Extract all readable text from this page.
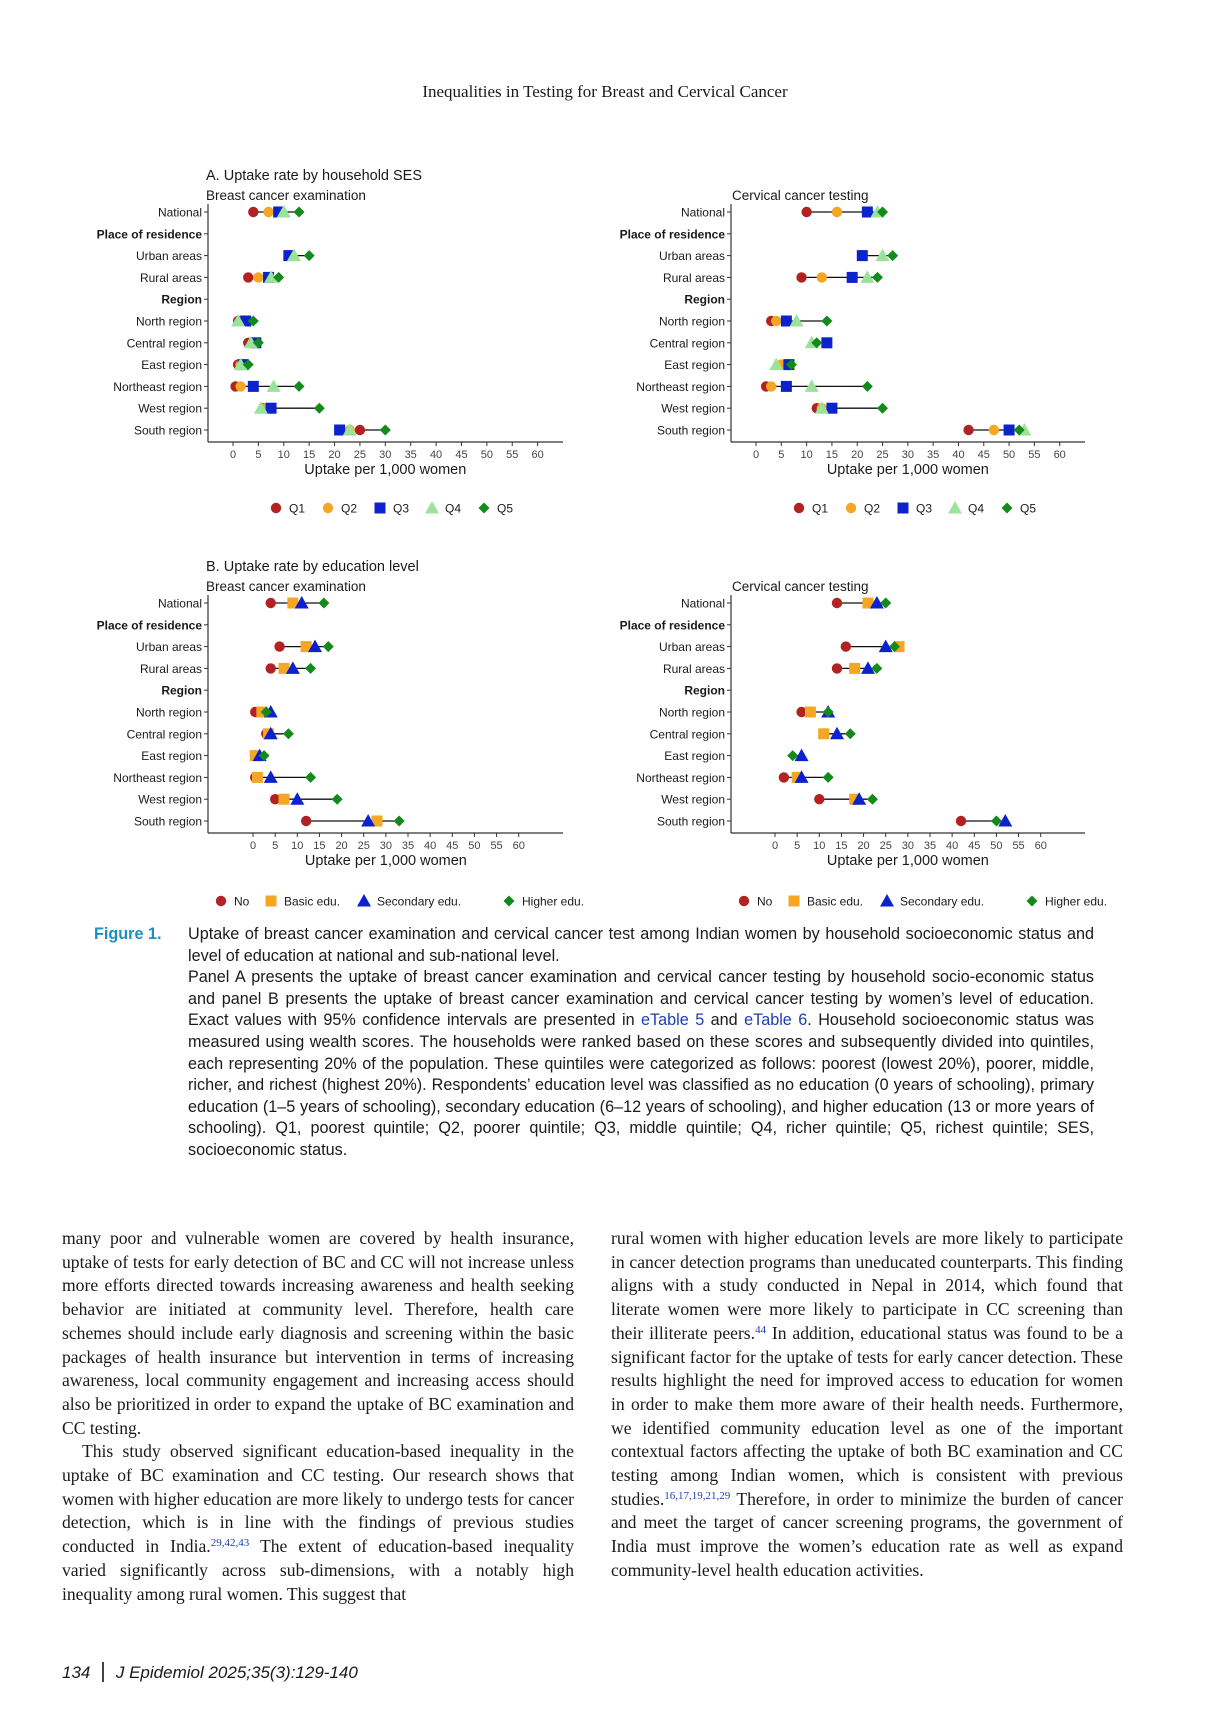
Inequalities in Testing for Breast and Cervical Cancer
A. Uptake rate by household SES
Breast cancer examination
0 5 10 15 20 25 30 35 40 45 50 55 60
Uptake per 1,000 women
National
Place of residence
Urban areas
Rural areas
Region
North region
Central region
East region
Northeast region
West region
South region
Cervical cancer testing
0 5 10 15 20 25 30 35 40 45 50 55 60
Uptake per 1,000 women
National
Place of residence
Urban areas
Rural areas
Region
North region
Central region
East region
Northeast region
West region
South region
B. Uptake rate by education level
Breast cancer examination
0 5 10 15 20 25 30 35 40 45 50 55 60
Uptake per 1,000 women
National
Place of residence
Urban areas
Rural areas
Region
North region
Central region
East region
Northeast region
West region
South region
Cervical cancer testing
0 5 10 15 20 25 30 35 40 45 50 55 60
Uptake per 1,000 women
National
Place of residence
Urban areas
Rural areas
Region
North region
Central region
East region
Northeast region
West region
South region
Q1	Q2	Q3	Q4	Q5	Q1	Q2	Q3	Q4	Q5
No	Basic edu.	Secondary edu.	Higher edu.	No	Basic edu.	Secondary edu.	Higher edu.
Figure 1. Uptake of breast cancer examination and cervical cancer test among Indian women by household socioeconomic status and level of education at national and sub-national level.

Panel A presents the uptake of breast cancer examination and cervical cancer testing by household socio-economic status and panel B presents the uptake of breast cancer examination and cervical cancer testing by women’s level of education. Exact values with 95% confidence intervals are presented in eTable 5 and eTable 6. Household socioeconomic status was measured using wealth scores. The households were ranked based on these scores and subsequently divided into quintiles, each representing 20% of the population. These quintiles were categorized as follows: poorest (lowest 20%), poorer, middle, richer, and richest (highest 20%). Respondents’ education level was classified as no education (0 years of schooling), primary education (1–5 years of schooling), secondary education (6–12 years of schooling), and higher education (13 or more years of schooling). Q1, poorest quintile; Q2, poorer quintile; Q3, middle quintile; Q4, richer quintile; Q5, richest quintile; SES, socioeconomic status.

many poor and vulnerable women are covered by health insurance, uptake of tests for early detection of BC and CC will not increase unless more efforts directed towards increasing awareness and health seeking behavior are initiated at community level. Therefore, health care schemes should include early diagnosis and screening within the basic packages of health insurance but intervention in terms of increasing awareness, local community engagement and increasing access should also be prioritized in order to expand the uptake of BC examination and CC testing.

This study observed significant education-based inequality in the uptake of BC examination and CC testing. Our research shows that women with higher education are more likely to undergo tests for cancer detection, which is in line with the findings of previous studies conducted in India.$^{29,42,43}$ The extent of education-based inequality varied significantly across sub-dimensions, with a notably high inequality among rural women. This suggest that

rural women with higher education levels are more likely to participate in cancer detection programs than uneducated counterparts. This finding aligns with a study conducted in Nepal in 2014, which found that literate women were more likely to participate in CC screening than their illiterate peers.$^{44}$ In addition, educational status was found to be a significant factor for the uptake of tests for early cancer detection. These results highlight the need for improved access to education for women in order to make them more aware of their health needs. Furthermore, we identified community education level as one of the important contextual factors affecting the uptake of both BC examination and CC testing among Indian women, which is consistent with previous studies.$^{16,17,19,21,29}$ Therefore, in order to minimize the burden of cancer and meet the target of cancer screening programs, the government of India must improve the women’s education rate as well as expand community-level health education activities.

134 J Epidemiol 2025;35(3):129-140
